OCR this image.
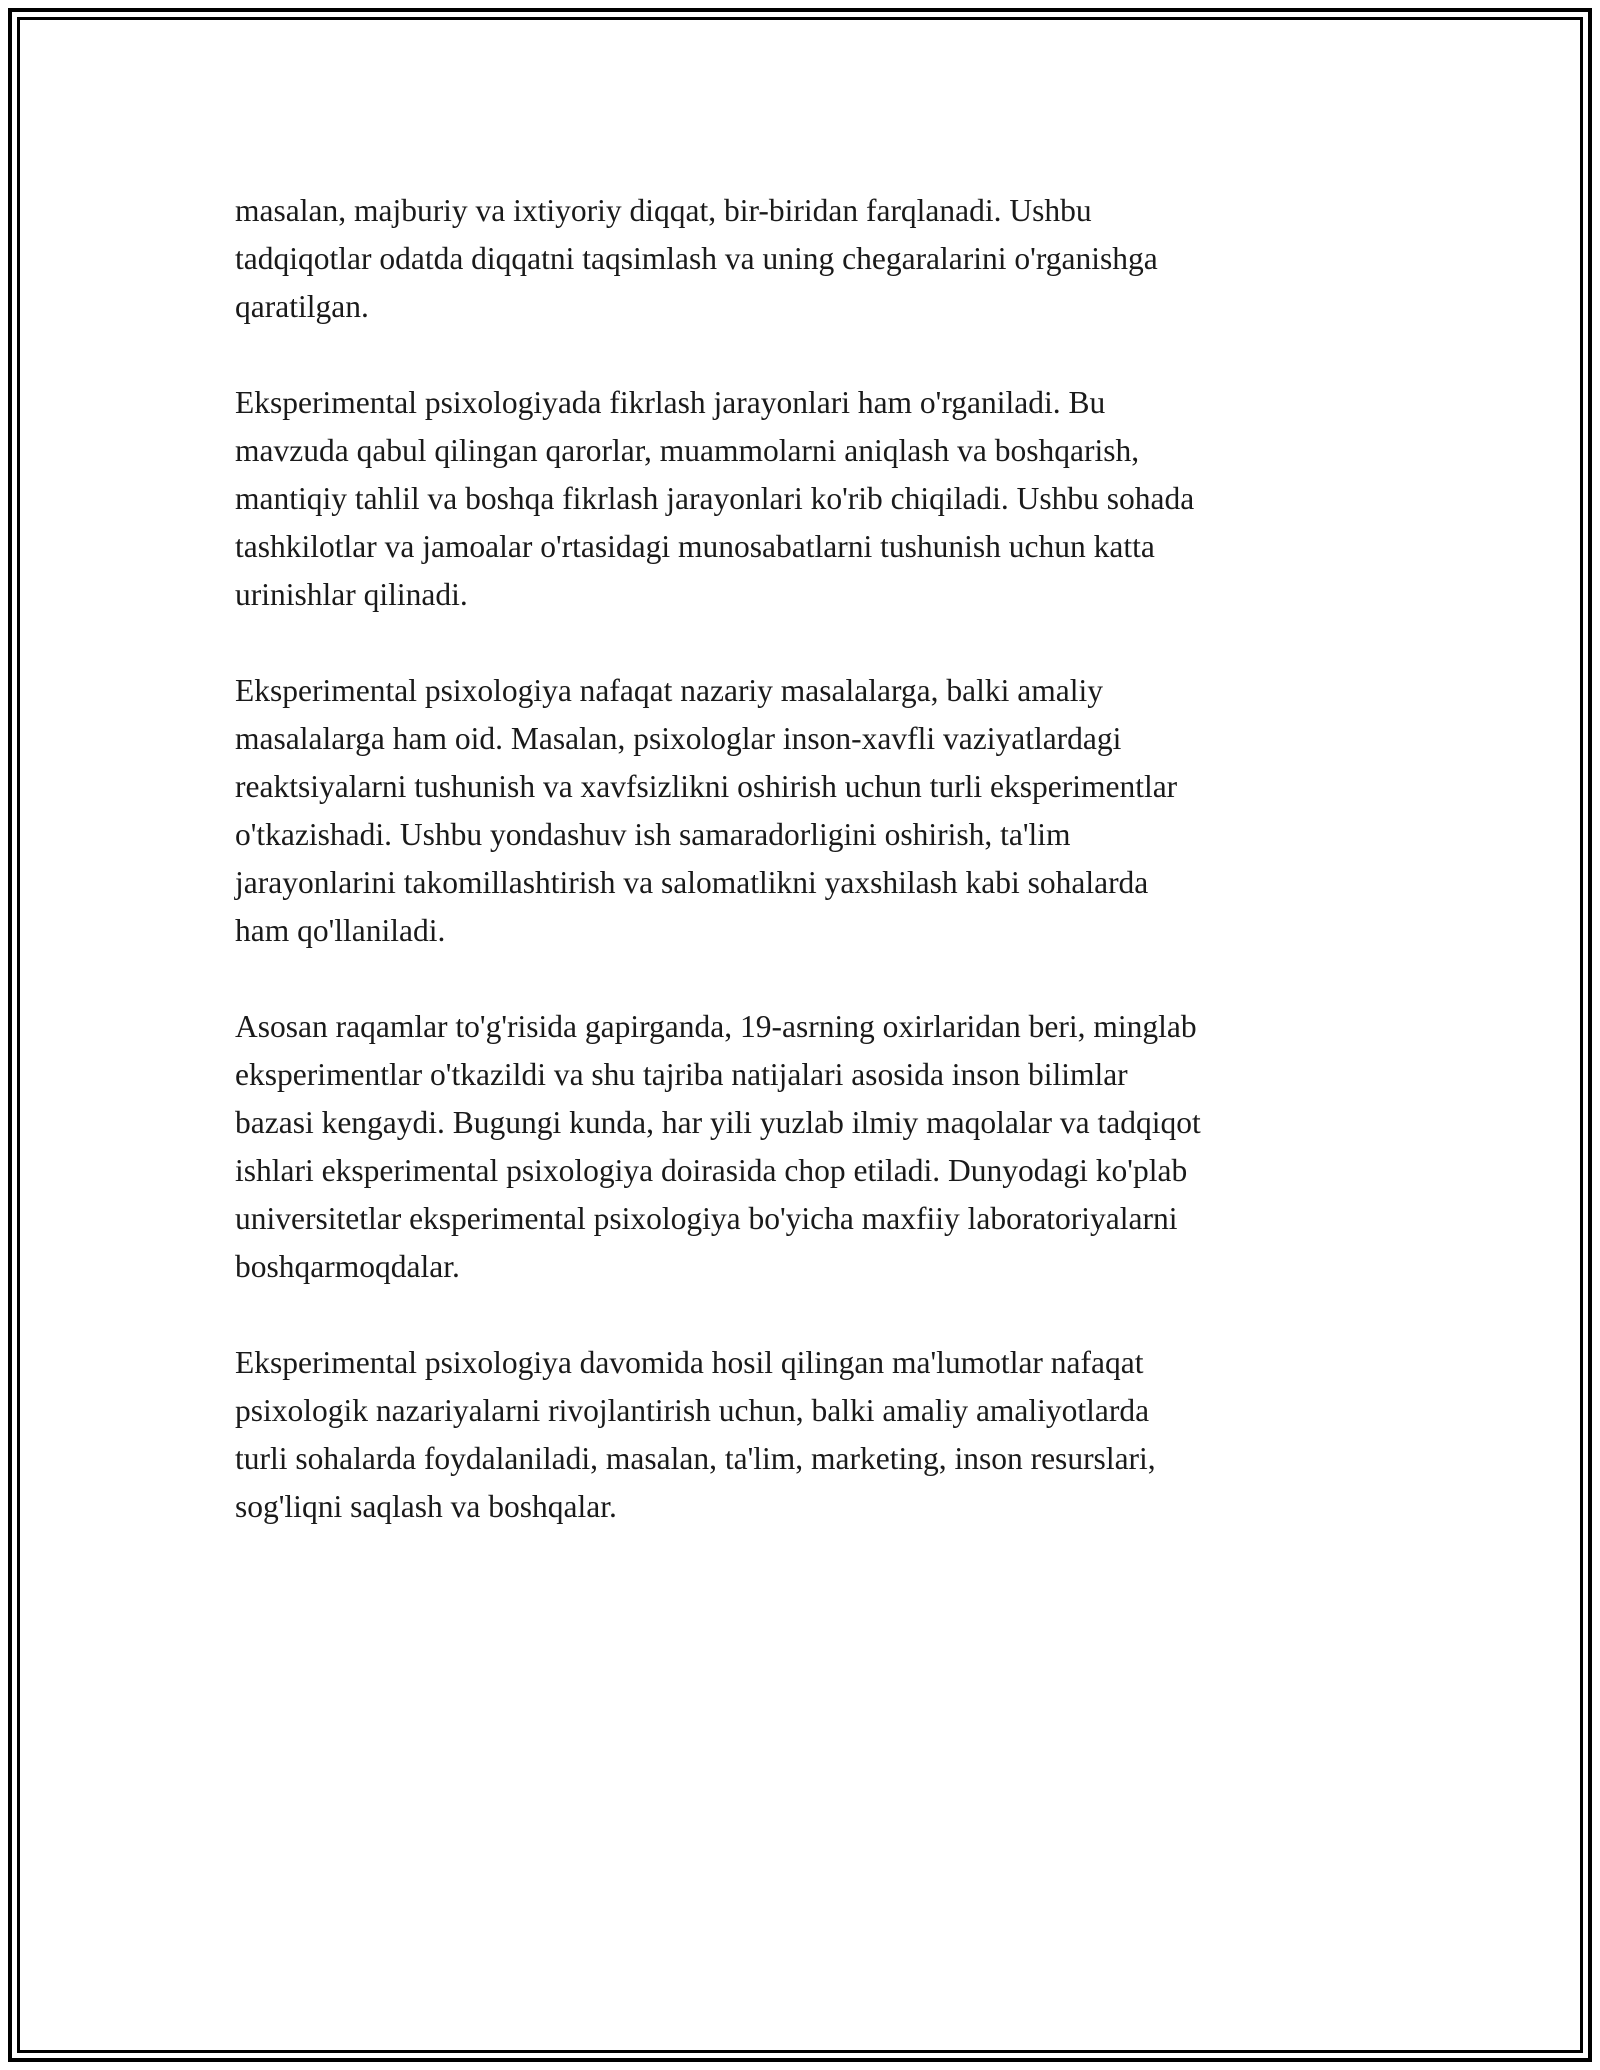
masalan, majburiy va ixtiyoriy diqqat, bir-biridan farqlanadi. Ushbu
tadqiqotlar odatda diqqatni taqsimlash va uning chegaralarini o'rganishga
qaratilgan.
Eksperimental psixologiyada fikrlash jarayonlari ham o'rganiladi. Bu
mavzuda qabul qilingan qarorlar, muammolarni aniqlash va boshqarish,
mantiqiy tahlil va boshqa fikrlash jarayonlari ko'rib chiqiladi. Ushbu sohada
tashkilotlar va jamoalar o'rtasidagi munosabatlarni tushunish uchun katta
urinishlar qilinadi.
Eksperimental psixologiya nafaqat nazariy masalalarga, balki amaliy
masalalarga ham oid. Masalan, psixologlar inson-xavfli vaziyatlardagi
reaktsiyalarni tushunish va xavfsizlikni oshirish uchun turli eksperimentlar
o'tkazishadi. Ushbu yondashuv ish samaradorligini oshirish, ta'lim
jarayonlarini takomillashtirish va salomatlikni yaxshilash kabi sohalarda
ham qo'llaniladi.
Asosan raqamlar to'g'risida gapirganda, 19-asrning oxirlaridan beri, minglab
eksperimentlar o'tkazildi va shu tajriba natijalari asosida inson bilimlar
bazasi kengaydi. Bugungi kunda, har yili yuzlab ilmiy maqolalar va tadqiqot
ishlari eksperimental psixologiya doirasida chop etiladi. Dunyodagi ko'plab
universitetlar eksperimental psixologiya bo'yicha maxfiiy laboratoriyalarni
boshqarmoqdalar.
Eksperimental psixologiya davomida hosil qilingan ma'lumotlar nafaqat
psixologik nazariyalarni rivojlantirish uchun, balki amaliy amaliyotlarda
turli sohalarda foydalaniladi, masalan, ta'lim, marketing, inson resurslari,
sog'liqni saqlash va boshqalar.
